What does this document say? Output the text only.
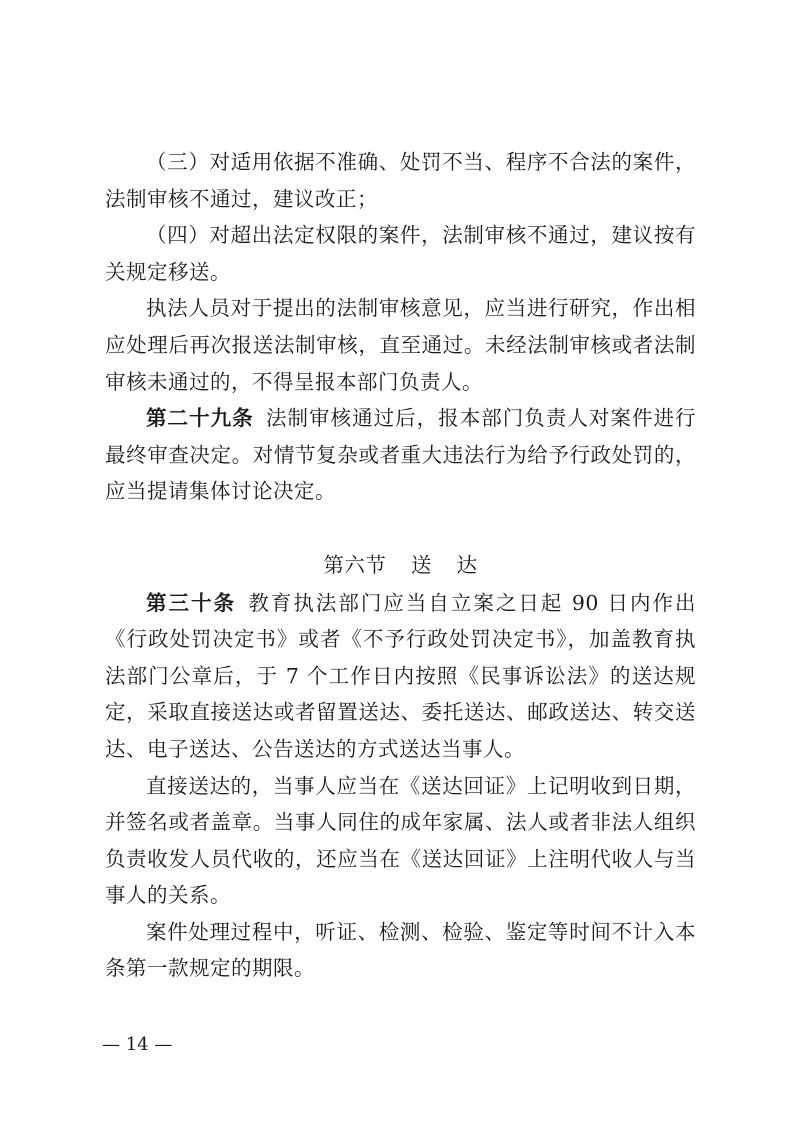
（三）对适用依据不准确、处罚不当、程序不合法的案件，法制审核不通过，建议改正；

（四）对超出法定权限的案件，法制审核不通过，建议按有关规定移送。

执法人员对于提出的法制审核意见，应当进行研究，作出相应处理后再次报送法制审核，直至通过。未经法制审核或者法制审核未通过的，不得呈报本部门负责人。

第二十九条 法制审核通过后，报本部门负责人对案件进行最终审查决定。对情节复杂或者重大违法行为给予行政处罚的，应当提请集体讨论决定。

第六节 送 达

第三十条 教育执法部门应当自立案之日起 90 日内作出《行政处罚决定书》或者《不予行政处罚决定书》，加盖教育执法部门公章后，于 7 个工作日内按照《民事诉讼法》的送达规定，采取直接送达或者留置送达、委托送达、邮政送达、转交送达、电子送达、公告送达的方式送达当事人。

直接送达的，当事人应当在《送达回证》上记明收到日期，并签名或者盖章。当事人同住的成年家属、法人或者非法人组织负责收发人员代收的，还应当在《送达回证》上注明代收人与当事人的关系。

案件处理过程中，听证、检测、检验、鉴定等时间不计入本条第一款规定的期限。

— 14 —
